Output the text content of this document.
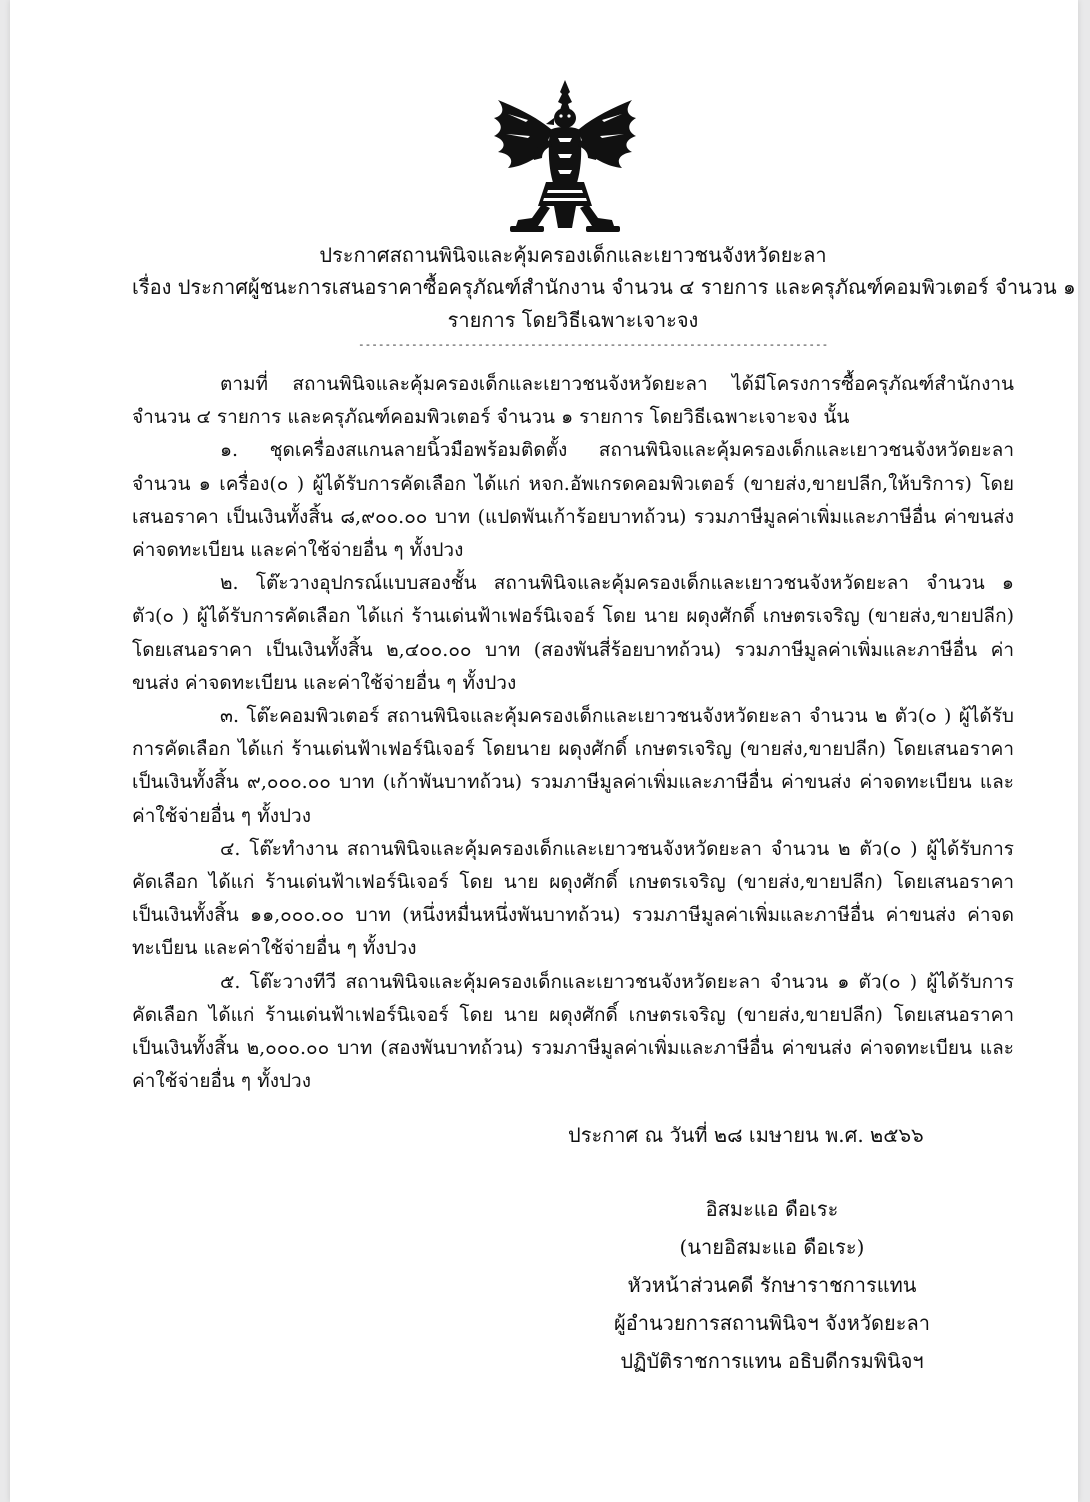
ประกาศสถานพินิจและคุ้มครองเด็กและเยาวชนจังหวัดยะลา
เรื่อง ประกาศผู้ชนะการเสนอราคาซื้อครุภัณฑ์สำนักงาน จำนวน ๔ รายการ และครุภัณฑ์คอมพิวเตอร์ จำนวน ๑
รายการ โดยวิธีเฉพาะเจาะจง
-----------------------------------------------------------------------

ตามที่ สถานพินิจและคุ้มครองเด็กและเยาวชนจังหวัดยะลา ได้มีโครงการซื้อครุภัณฑ์สำนักงาน จำนวน ๔ รายการ และครุภัณฑ์คอมพิวเตอร์ จำนวน ๑ รายการ โดยวิธีเฉพาะเจาะจง นั้น

๑. ชุดเครื่องสแกนลายนิ้วมือพร้อมติดตั้ง สถานพินิจและคุ้มครองเด็กและเยาวชนจังหวัดยะลา จำนวน ๑ เครื่อง(๐ ) ผู้ได้รับการคัดเลือก ได้แก่ หจก.อัพเกรดคอมพิวเตอร์ (ขายส่ง,ขายปลีก,ให้บริการ) โดยเสนอราคา เป็นเงินทั้งสิ้น ๘,๙๐๐.๐๐ บาท (แปดพันเก้าร้อยบาทถ้วน) รวมภาษีมูลค่าเพิ่มและภาษีอื่น ค่าขนส่ง ค่าจดทะเบียน และค่าใช้จ่ายอื่น ๆ ทั้งปวง

๒. โต๊ะวางอุปกรณ์แบบสองชั้น สถานพินิจและคุ้มครองเด็กและเยาวชนจังหวัดยะลา จำนวน ๑ ตัว(๐ ) ผู้ได้รับการคัดเลือก ได้แก่ ร้านเด่นฟ้าเฟอร์นิเจอร์ โดย นาย ผดุงศักดิ์ เกษตรเจริญ (ขายส่ง,ขายปลีก) โดยเสนอราคา เป็นเงินทั้งสิ้น ๒,๔๐๐.๐๐ บาท (สองพันสี่ร้อยบาทถ้วน) รวมภาษีมูลค่าเพิ่มและภาษีอื่น ค่าขนส่ง ค่าจดทะเบียน และค่าใช้จ่ายอื่น ๆ ทั้งปวง

๓. โต๊ะคอมพิวเตอร์ สถานพินิจและคุ้มครองเด็กและเยาวชนจังหวัดยะลา จำนวน ๒ ตัว(๐ ) ผู้ได้รับการคัดเลือก ได้แก่ ร้านเด่นฟ้าเฟอร์นิเจอร์ โดยนาย ผดุงศักดิ์ เกษตรเจริญ (ขายส่ง,ขายปลีก) โดยเสนอราคา เป็นเงินทั้งสิ้น ๙,๐๐๐.๐๐ บาท (เก้าพันบาทถ้วน) รวมภาษีมูลค่าเพิ่มและภาษีอื่น ค่าขนส่ง ค่าจดทะเบียน และค่าใช้จ่ายอื่น ๆ ทั้งปวง

๔. โต๊ะทำงาน สถานพินิจและคุ้มครองเด็กและเยาวชนจังหวัดยะลา จำนวน ๒ ตัว(๐ ) ผู้ได้รับการคัดเลือก ได้แก่ ร้านเด่นฟ้าเฟอร์นิเจอร์ โดย นาย ผดุงศักดิ์ เกษตรเจริญ (ขายส่ง,ขายปลีก) โดยเสนอราคา เป็นเงินทั้งสิ้น ๑๑,๐๐๐.๐๐ บาท (หนึ่งหมื่นหนึ่งพันบาทถ้วน) รวมภาษีมูลค่าเพิ่มและภาษีอื่น ค่าขนส่ง ค่าจดทะเบียน และค่าใช้จ่ายอื่น ๆ ทั้งปวง

๕. โต๊ะวางทีวี สถานพินิจและคุ้มครองเด็กและเยาวชนจังหวัดยะลา จำนวน ๑ ตัว(๐ ) ผู้ได้รับการคัดเลือก ได้แก่ ร้านเด่นฟ้าเฟอร์นิเจอร์ โดย นาย ผดุงศักดิ์ เกษตรเจริญ (ขายส่ง,ขายปลีก) โดยเสนอราคา เป็นเงินทั้งสิ้น ๒,๐๐๐.๐๐ บาท (สองพันบาทถ้วน) รวมภาษีมูลค่าเพิ่มและภาษีอื่น ค่าขนส่ง ค่าจดทะเบียน และค่าใช้จ่ายอื่น ๆ ทั้งปวง

ประกาศ ณ วันที่ ๒๘ เมษายน พ.ศ. ๒๕๖๖
อิสมะแอ ดือเระ
(นายอิสมะแอ ดือเระ)
หัวหน้าส่วนคดี รักษาราชการแทน
ผู้อำนวยการสถานพินิจฯ จังหวัดยะลา
ปฏิบัติราชการแทน อธิบดีกรมพินิจฯ
